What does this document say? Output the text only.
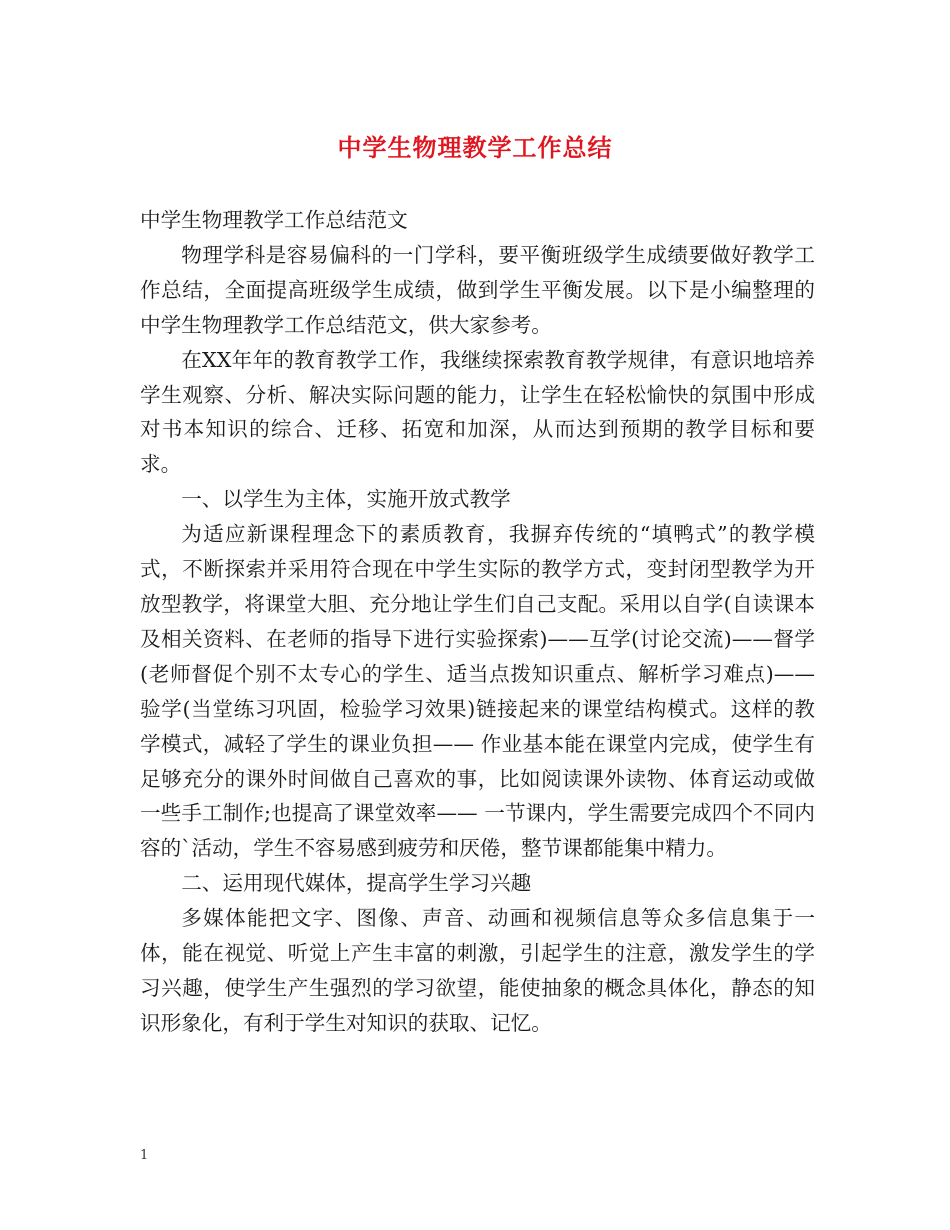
中学生物理教学工作总结

中学生物理教学工作总结范文

物理学科是容易偏科的一门学科，要平衡班级学生成绩要做好教学工作总结，全面提高班级学生成绩，做到学生平衡发展。以下是小编整理的中学生物理教学工作总结范文，供大家参考。

在XX年年的教育教学工作，我继续探索教育教学规律，有意识地培养学生观察、分析、解决实际问题的能力，让学生在轻松愉快的氛围中形成对书本知识的综合、迁移、拓宽和加深，从而达到预期的教学目标和要求。

一、以学生为主体，实施开放式教学

为适应新课程理念下的素质教育，我摒弃传统的“填鸭式”的教学模式，不断探索并采用符合现在中学生实际的教学方式，变封闭型教学为开放型教学，将课堂大胆、充分地让学生们自己支配。采用以自学(自读课本及相关资料、在老师的指导下进行实验探索)——互学(讨论交流)——督学(老师督促个别不太专心的学生、适当点拨知识重点、解析学习难点)——验学(当堂练习巩固，检验学习效果)链接起来的课堂结构模式。这样的教学模式，减轻了学生的课业负担—— 作业基本能在课堂内完成，使学生有足够充分的课外时间做自己喜欢的事，比如阅读课外读物、体育运动或做一些手工制作;也提高了课堂效率—— 一节课内，学生需要完成四个不同内容的`活动，学生不容易感到疲劳和厌倦，整节课都能集中精力。

二、运用现代媒体，提高学生学习兴趣

多媒体能把文字、图像、声音、动画和视频信息等众多信息集于一体，能在视觉、听觉上产生丰富的刺激，引起学生的注意，激发学生的学习兴趣，使学生产生强烈的学习欲望，能使抽象的概念具体化，静态的知识形象化，有利于学生对知识的获取、记忆。

1
